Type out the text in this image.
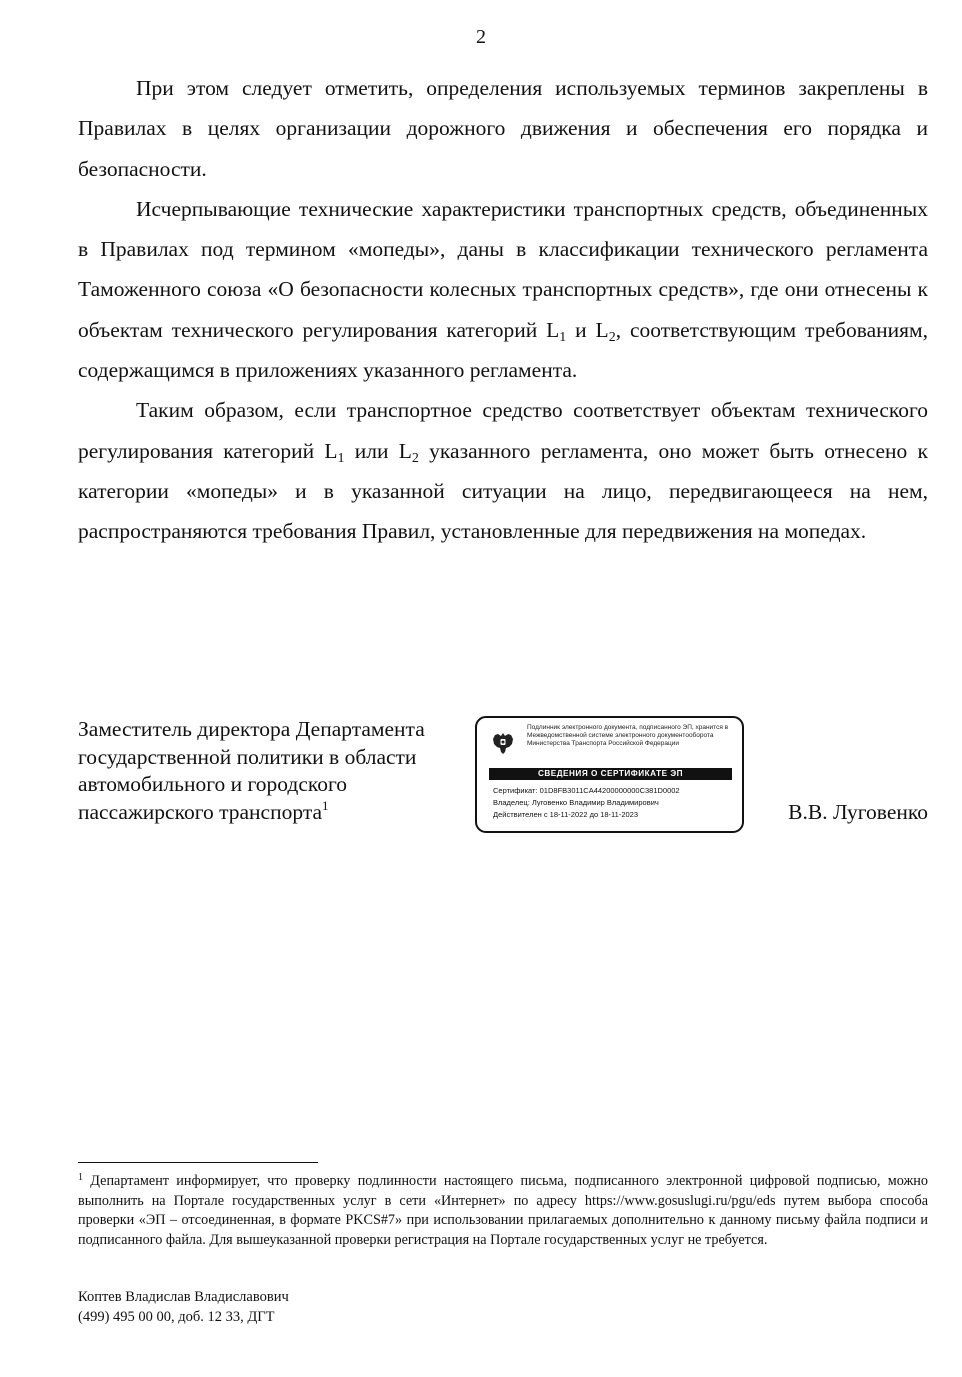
2

При этом следует отметить, определения используемых терминов закреплены в Правилах в целях организации дорожного движения и обеспечения его порядка и безопасности.

Исчерпывающие технические характеристики транспортных средств, объединенных в Правилах под термином «мопеды», даны в классификации технического регламента Таможенного союза «О безопасности колесных транспортных средств», где они отнесены к объектам технического регулирования категорий $L_1$ и $L_2$, соответствующим требованиям, содержащимся в приложениях указанного регламента.

Таким образом, если транспортное средство соответствует объектам технического регулирования категорий $L_1$ или $L_2$ указанного регламента, оно может быть отнесено к категории «мопеды» и в указанной ситуации на лицо, передвигающееся на нем, распространяются требования Правил, установленные для передвижения на мопедах.

Заместитель директора Департамента
государственной политики в области
автомобильного и городского
пассажирского транспорта$^1$

Подлинник электронного документа, подписанного ЭП, хранится в Межведомственной системе электронного документооборота Министерства Транспорта Российской Федерации
СВЕДЕНИЯ О СЕРТИФИКАТЕ ЭП
Сертификат: 01D8FB3011CA44200000000C381D0002
Владелец: Луговенко Владимир Владимирович
Действителен с 18-11-2022 до 18-11-2023	В.В. Луговенко

$^1$ Департамент информирует, что проверку подлинности настоящего письма, подписанного электронной цифровой подписью, можно выполнить на Портале государственных услуг в сети «Интернет» по адресу https://www.gosuslugi.ru/pgu/eds путем выбора способа проверки «ЭП – отсоединенная, в формате PKCS#7» при использовании прилагаемых дополнительно к данному письму файла подписи и подписанного файла. Для вышеуказанной проверки регистрация на Портале государственных услуг не требуется.

Коптев Владислав Владиславович
(499) 495 00 00, доб. 12 33, ДГТ
